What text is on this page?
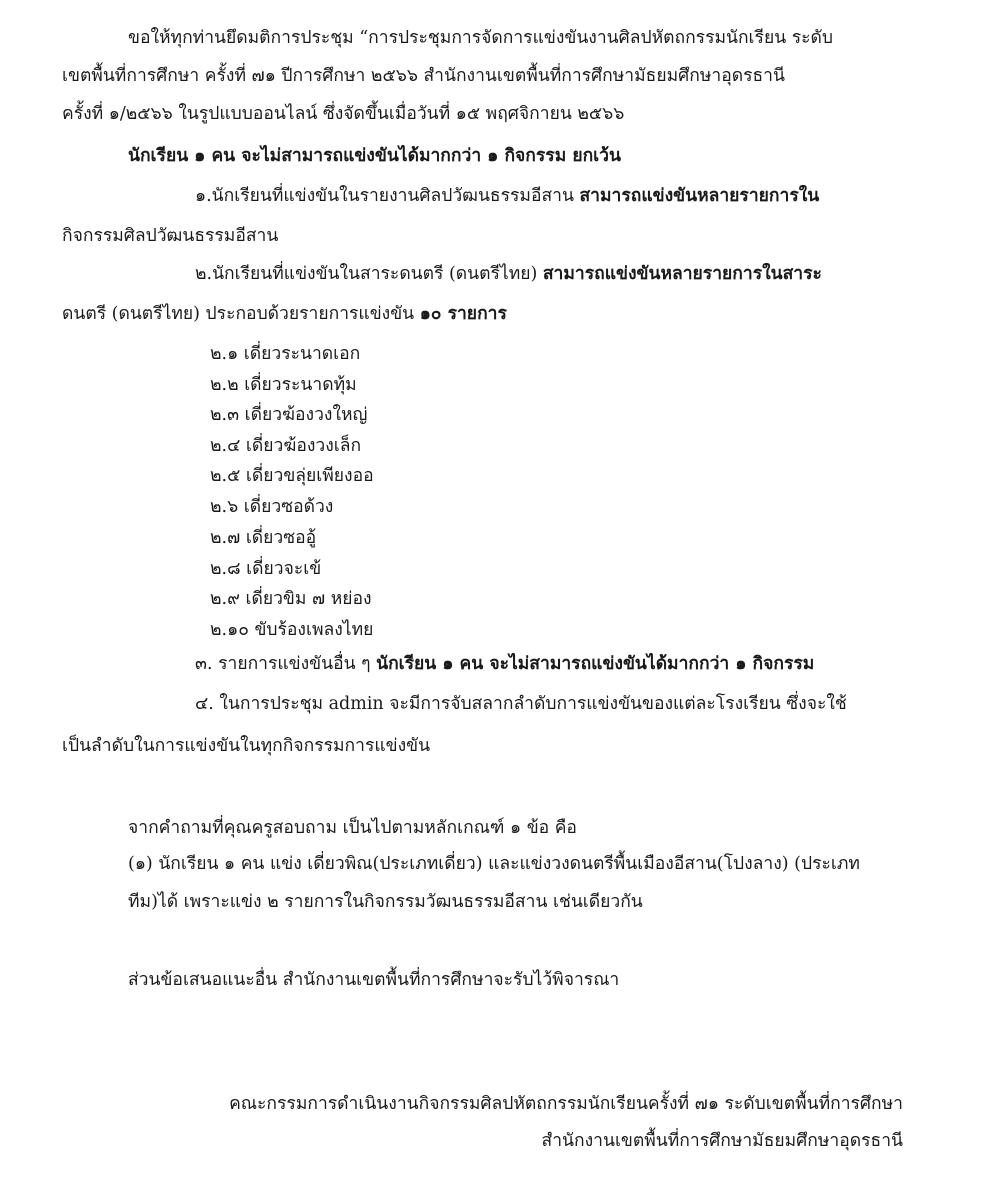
ขอให้ทุกท่านยึดมติการประชุม “การประชุมการจัดการแข่งขันงานศิลปหัตถกรรมนักเรียน ระดับ
เขตพื้นที่การศึกษา ครั้งที่ ๗๑ ปีการศึกษา ๒๕๖๖ สำนักงานเขตพื้นที่การศึกษามัธยมศึกษาอุดรธานี
ครั้งที่ ๑/๒๕๖๖ ในรูปแบบออนไลน์ ซึ่งจัดขึ้นเมื่อวันที่ ๑๕ พฤศจิกายน ๒๕๖๖
นักเรียน ๑ คน จะไม่สามารถแข่งขันได้มากกว่า ๑ กิจกรรม ยกเว้น
๑.นักเรียนที่แข่งขันในรายงานศิลปวัฒนธรรมอีสาน สามารถแข่งขันหลายรายการใน
กิจกรรมศิลปวัฒนธรรมอีสาน
๒.นักเรียนที่แข่งขันในสาระดนตรี (ดนตรีไทย) สามารถแข่งขันหลายรายการในสาระ
ดนตรี (ดนตรีไทย) ประกอบด้วยรายการแข่งขัน ๑๐ รายการ
๒.๑ เดี่ยวระนาดเอก
๒.๒ เดี่ยวระนาดทุ้ม
๒.๓ เดี่ยวฆ้องวงใหญ่
๒.๔ เดี่ยวฆ้องวงเล็ก
๒.๕ เดี่ยวขลุ่ยเพียงออ
๒.๖ เดี่ยวซอด้วง
๒.๗ เดี่ยวซออู้
๒.๘ เดี่ยวจะเข้
๒.๙ เดี่ยวขิม ๗ หย่อง
๒.๑๐ ขับร้องเพลงไทย
๓. รายการแข่งขันอื่น ๆ นักเรียน ๑ คน จะไม่สามารถแข่งขันได้มากกว่า ๑ กิจกรรม
๔. ในการประชุม admin จะมีการจับสลากลำดับการแข่งขันของแต่ละโรงเรียน ซึ่งจะใช้
เป็นลำดับในการแข่งขันในทุกกิจกรรมการแข่งขัน
จากคำถามที่คุณครูสอบถาม เป็นไปตามหลักเกณฑ์ ๑ ข้อ คือ
(๑) นักเรียน ๑ คน แข่ง เดี่ยวพิณ(ประเภทเดี่ยว) และแข่งวงดนตรีพื้นเมืองอีสาน(โปงลาง) (ประเภท
ทีม)ได้ เพราะแข่ง ๒ รายการในกิจกรรมวัฒนธรรมอีสาน เช่นเดียวกัน
ส่วนข้อเสนอแนะอื่น สำนักงานเขตพื้นที่การศึกษาจะรับไว้พิจารณา
คณะกรรมการดำเนินงานกิจกรรมศิลปหัตถกรรมนักเรียนครั้งที่ ๗๑ ระดับเขตพื้นที่การศึกษา
สำนักงานเขตพื้นที่การศึกษามัธยมศึกษาอุดรธานี
